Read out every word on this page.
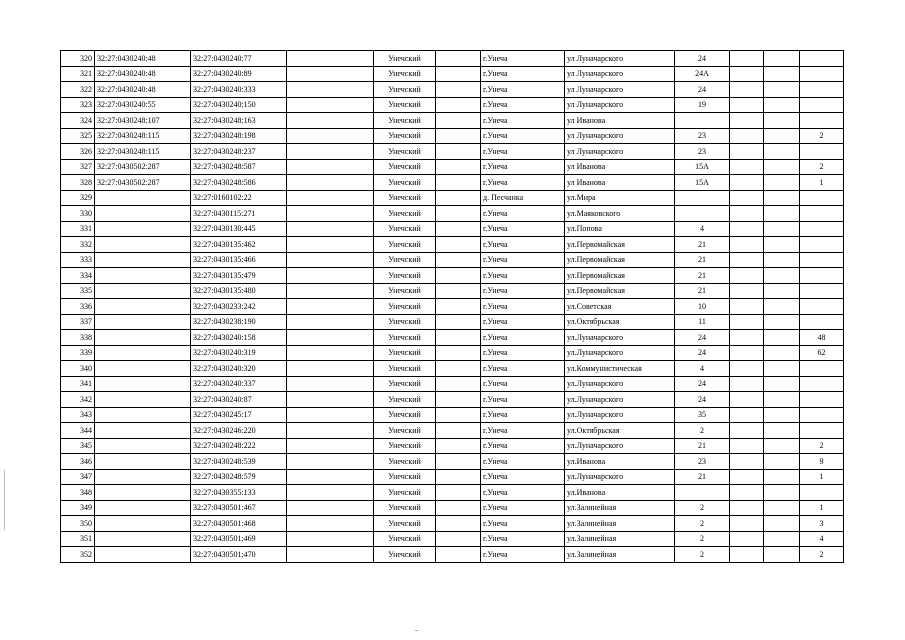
320	32:27:0430240:48	32:27:0430240:77		Унечский		г.Унеча	ул Луначарского	24			
321	32:27:0430240:48	32:27:0430240:89		Унечский		г.Унеча	ул Луначарского	24А			
322	32:27:0430240:48	32:27:0430240:333		Унечский		г.Унеча	ул Луначарского	24			
323	32:27:0430240:55	32:27:0430240:150		Унечский		г.Унеча	ул Луначарского	19			
324	32:27:0430248:107	32:27:0430248:163		Унечский		г.Унеча	ул Иванова				
325	32:27:0430248:115	32:27:0430248:198		Унечский		г.Унеча	ул Луначарского	23			2
326	32:27:0430248:115	32:27:0430248:237		Унечский		г.Унеча	ул Луначарского	23			
327	32:27:0430502:287	32:27:0430248:587		Унечский		г.Унеча	ул Иванова	15А			2
328	32:27:0430502:287	32:27:0430248:586		Унечский		г.Унеча	ул Иванова	15А			1
329		32:27:0160102:22		Унечский		д. Песчанка	ул.Мира				
330		32:27:0430115:271		Унечский		г.Унеча	ул.Маяковского				
331		32:27:0430130:445		Унечский		г.Унеча	ул.Попова	4			
332		32:27:0430135:462		Унечский		г.Унеча	ул.Первомайская	21			
333		32:27:0430135:466		Унечский		г.Унеча	ул.Первомайская	21			
334		32:27:0430135:479		Унечский		г.Унеча	ул.Первомайская	21			
335		32:27:0430135:480		Унечский		г.Унеча	ул.Первомайская	21			
336		32:27:0430233:242		Унечский		г.Унеча	ул.Советская	10			
337		32:27:0430238:190		Унечский		г.Унеча	ул.Октябрьская	11			
338		32:27:0430240:158		Унечский		г.Унеча	ул.Луначарского	24			48
339		32:27:0430240:319		Унечский		г.Унеча	ул.Луначарского	24			62
340		32:27:0430240:320		Унечский		г.Унеча	ул.Коммунистическая	4			
341		32:27:0430240:337		Унечский		г.Унеча	ул.Луначарского	24			
342		32:27:0430240:87		Унечский		г.Унеча	ул.Луначарского	24			
343		32:27:0430245:17		Унечский		г.Унеча	ул.Луначарского	35			
344		32:27:0430246:220		Унечский		г.Унеча	ул.Октябрьская	2			
345		32:27:0430248:222		Унечский		г.Унеча	ул.Луначарского	21			2
346		32:27:0430248:539		Унечский		г.Унеча	ул.Иванова	23			9
347		32:27:0430248:579		Унечский		г.Унеча	ул.Луначарского	21			1
348		32:27:0430355:133		Унечский		г.Унеча	ул.Иванова				
349		32:27:0430501:467		Унечский		г.Унеча	ул.Залинейная	2			1
350		32:27:0430501:468		Унечский		г.Унеча	ул.Залинейная	2			3
351		32:27:0430501:469		Унечский		г.Унеча	ул.Залинейная	2			4
352		32:27:0430501:470		Унечский		г.Унеча	ул.Залинейная	2			2
